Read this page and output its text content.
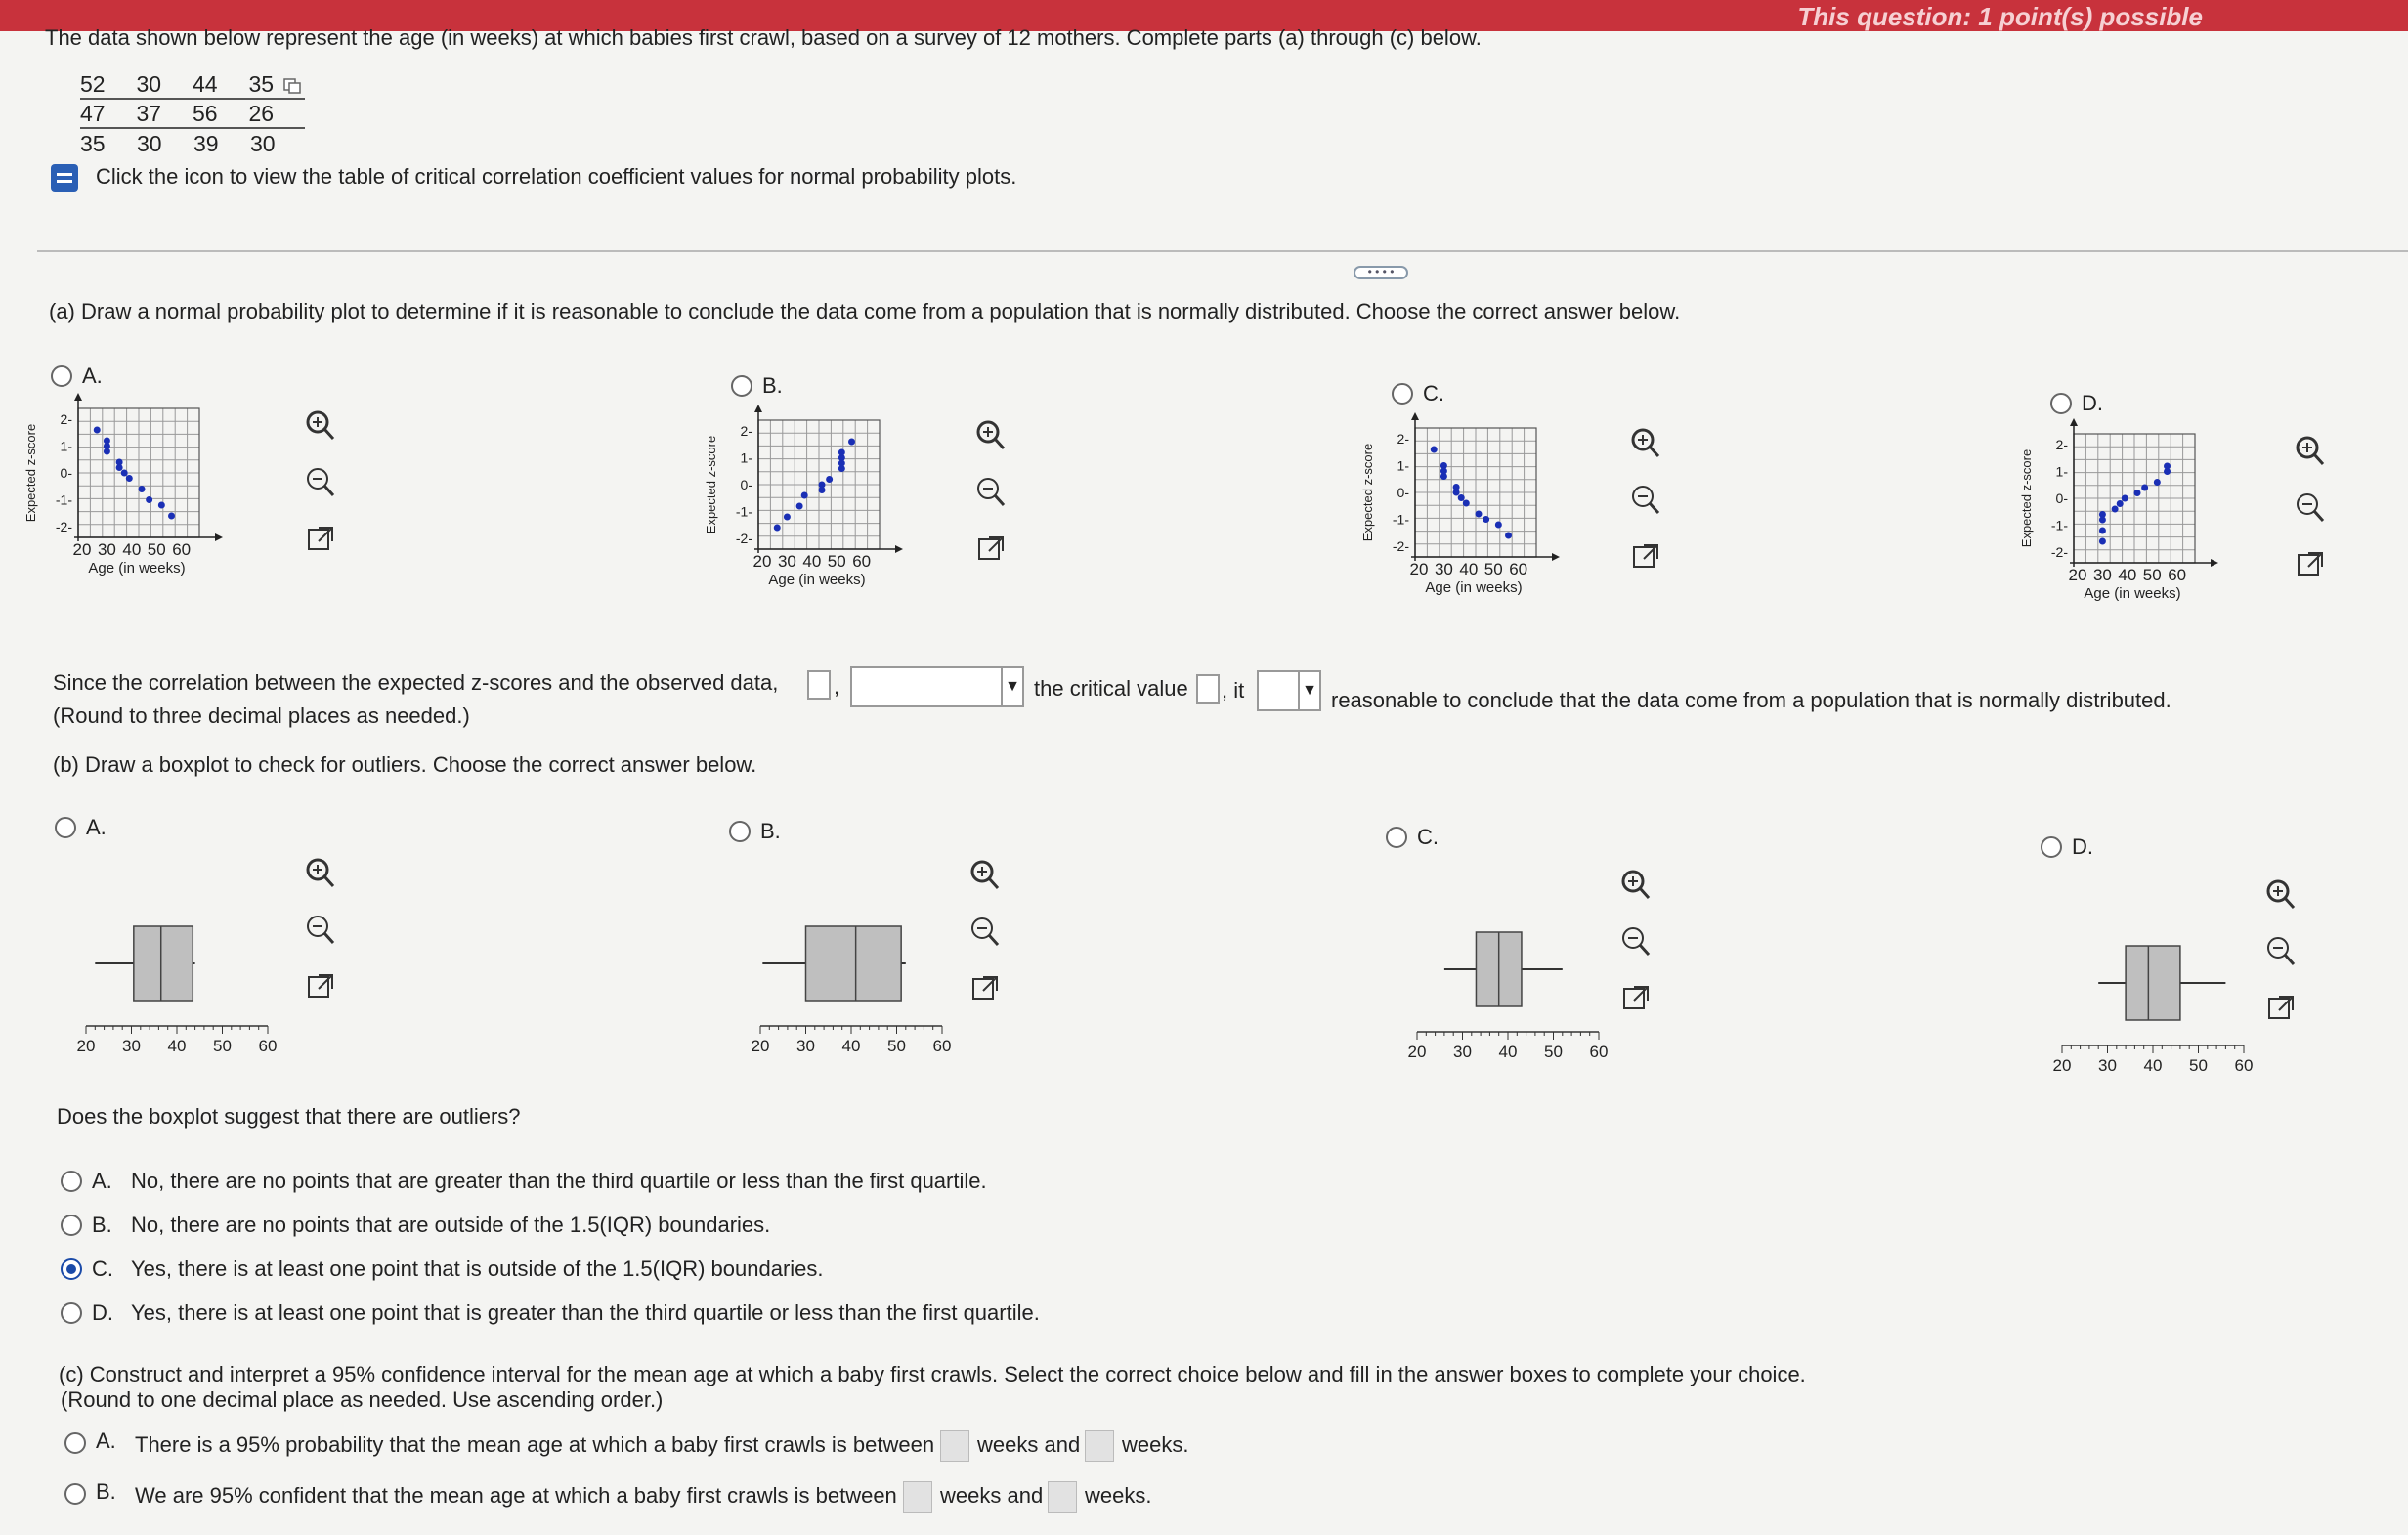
This question: 1 point(s) possible
The data shown below represent the age (in weeks) at which babies first crawl, based on a survey of 12 mothers. Complete parts (a) through (c) below.
52	30	44	35
47	37	56	26
35	30	39	30
Click the icon to view the table of critical correlation coefficient values for normal probability plots.
• • • •
(a) Draw a normal probability plot to determine if it is reasonable to conclude the data come from a population that is normally distributed. Choose the correct answer below.
Since the correlation between the expected z-scores and the observed data,	,	▼ the critical value , it	▼ reasonable to conclude that the data come from a population that is normally distributed.
(Round to three decimal places as needed.)
(b) Draw a boxplot to check for outliers. Choose the correct answer below.
Does the boxplot suggest that there are outliers?
(c) Construct and interpret a 95% confidence interval for the mean age at which a baby first crawls. Select the correct choice below and fill in the answer boxes to complete your choice.
(Round to one decimal place as needed. Use ascending order.)
A.
2-
1-
0-
-1-
-2-
20 30 40 50 60
Age (in weeks)
Expected z-score
B.
2-
1-
0-
-1-
-2-
20 30 40 50 60
Age (in weeks)
Expected z-score
C.
2-
1-
0-
-1-
-2-
20 30 40 50 60
Age (in weeks)
Expected z-score
D.
2-
1-
0-
-1-
-2-
20 30 40 50 60
Age (in weeks)
Expected z-score
A.
20 30 40 50 60
B.
20 30 40 50 60
C.
20 30 40 50 60
D.
20 30 40 50 60
A. No, there are no points that are greater than the third quartile or less than the first quartile.
B. No, there are no points that are outside of the 1.5(IQR) boundaries.
C. Yes, there is at least one point that is outside of the 1.5(IQR) boundaries.
D. Yes, there is at least one point that is greater than the third quartile or less than the first quartile.
A. There is a 95% probability that the mean age at which a baby first crawls is between weeks and weeks.
B. We are 95% confident that the mean age at which a baby first crawls is between weeks and weeks.
